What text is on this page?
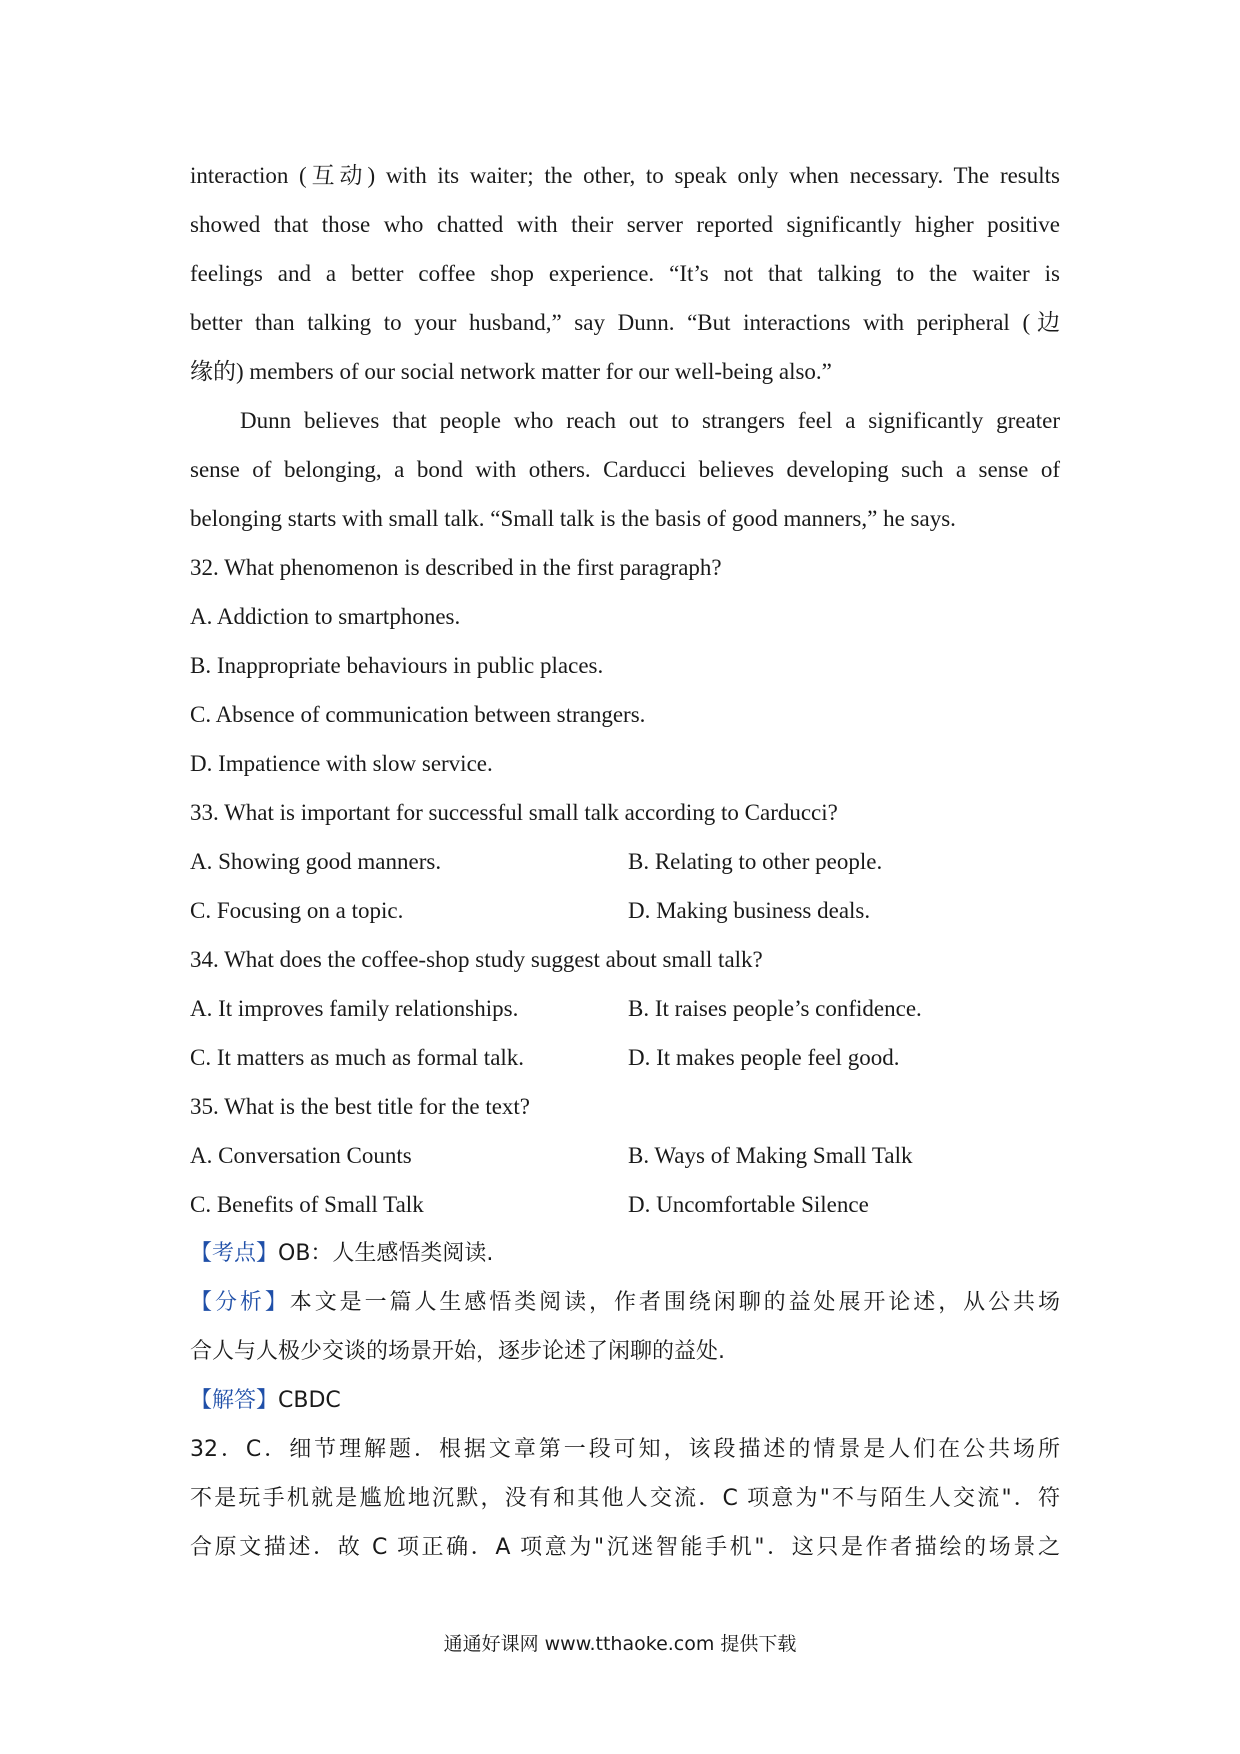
interaction (互动) with its waiter; the other, to speak only when necessary. The results
showed that those who chatted with their server reported significantly higher positive
feelings and a better coffee shop experience. “It’s not that talking to the waiter is
better than talking to your husband,” say Dunn. “But interactions with peripheral (边
缘的) members of our social network matter for our well-being also.”
Dunn believes that people who reach out to strangers feel a significantly greater
sense of belonging, a bond with others. Carducci believes developing such a sense of
belonging starts with small talk. “Small talk is the basis of good manners,” he says.
32. What phenomenon is described in the first paragraph?
A. Addiction to smartphones.
B. Inappropriate behaviours in public places.
C. Absence of communication between strangers.
D. Impatience with slow service.
33. What is important for successful small talk according to Carducci?
A. Showing good manners.	B. Relating to other people.
C. Focusing on a topic.	D. Making business deals.
34. What does the coffee-shop study suggest about small talk?
A. It improves family relationships.	B. It raises people’s confidence.
C. It matters as much as formal talk.	D. It makes people feel good.
35. What is the best title for the text?
A. Conversation Counts	B. Ways of Making Small Talk
C. Benefits of Small Talk	D. Uncomfortable Silence
【考点】OB：人生感悟类阅读.
【分析】本文是一篇人生感悟类阅读，作者围绕闲聊的益处展开论述，从公共场
合人与人极少交谈的场景开始，逐步论述了闲聊的益处.
【解答】CBDC
32．C．细节理解题．根据文章第一段可知，该段描述的情景是人们在公共场所
不是玩手机就是尴尬地沉默，没有和其他人交流．C 项意为"不与陌生人交流"．符
合原文描述．故 C 项正确．A 项意为"沉迷智能手机"．这只是作者描绘的场景之
通通好课网 www.tthaoke.com 提供下载
